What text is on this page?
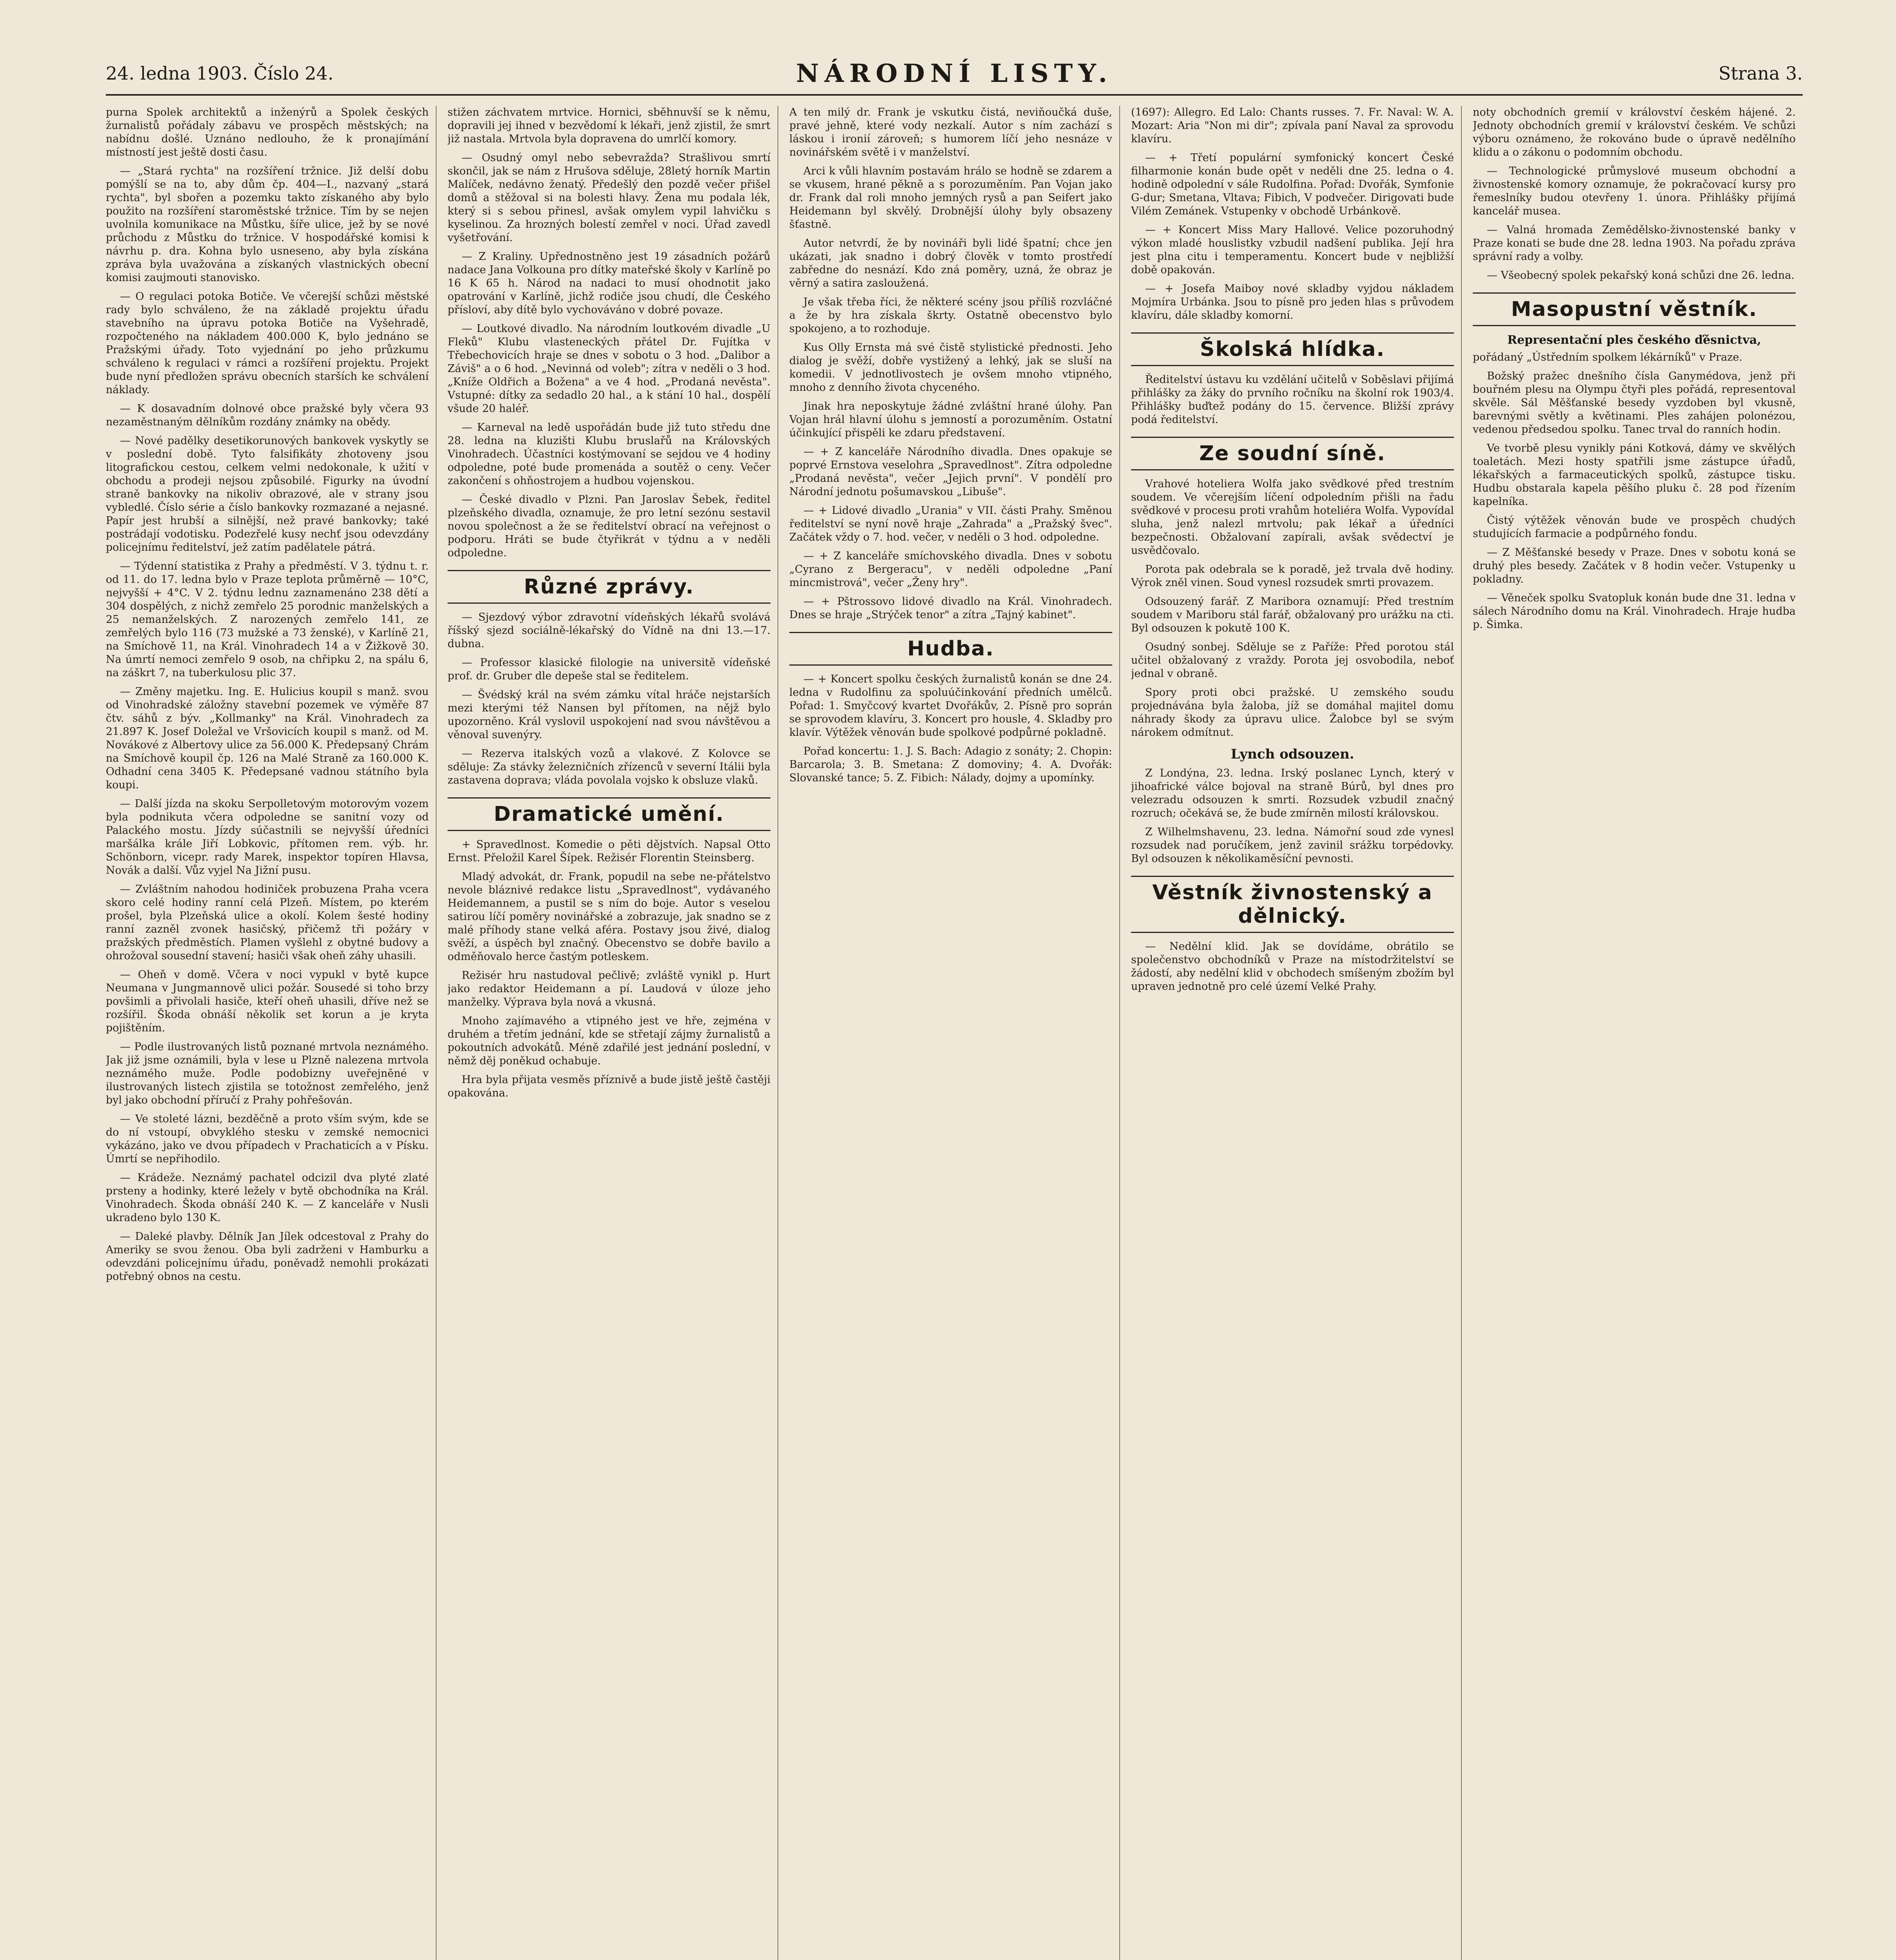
24. ledna 1903. Číslo 24.	NÁRODNÍ LISTY.	Strana 3.

purna Spolek architektů a inženýrů a Spolek českých žurnalistů pořádaly zábavu ve prospěch městských; na nabídnu došlé. Uznáno nedlouho, že k pronajímání místností jest ještě dosti času.

— „Stará rychta" na rozšíření tržnice. Již delší dobu pomýšlí se na to, aby dům čp. 404—I., nazvaný „stará rychta", byl sbořen a pozemku takto získaného aby bylo použito na rozšíření staroměstské tržnice. Tím by se nejen uvolnila komunikace na Můstku, šíře ulice, jež by se nové průchodu z Můstku do tržnice. V hospodářské komisi k návrhu p. dra. Kohna bylo usneseno, aby byla získána zpráva byla uvažována a získaných vlastnických obecní komisi zaujmouti stanovisko.

— O regulaci potoka Botiče. Ve včerejší schůzi městské rady bylo schváleno, že na základě projektu úřadu stavebního na úpravu potoka Botiče na Vyšehradě, rozpočteného na nákladem 400.000 K, bylo jednáno se Pražskými úřady. Toto vyjednání po jeho průzkumu schváleno k regulaci v rámci a rozšíření projektu. Projekt bude nyní předložen správu obecních starších ke schválení náklady.

— K dosavadním dolnové obce pražské byly včera 93 nezaměstnaným dělníkům rozdány známky na obědy.

— Nové padělky desetikorunových bankovek vyskytly se v poslední době. Tyto falsifikáty zhotoveny jsou litografickou cestou, celkem velmi nedokonale, k užití v obchodu a prodeji nejsou způsobilé. Figurky na úvodní straně bankovky na nikoliv obrazové, ale v strany jsou vybledlé. Číslo série a číslo bankovky rozmazané a nejasné. Papír jest hrubší a silnější, než pravé bankovky; také postrádají vodotisku. Podezřelé kusy nechť jsou odevzdány policejnímu ředitelství, jež zatím padělatele pátrá.

— Týdenní statistika z Prahy a předměstí. V 3. týdnu t. r. od 11. do 17. ledna bylo v Praze teplota průměrně — 10°C, nejvyšší + 4°C. V 2. týdnu lednu zaznamenáno 238 dětí a 304 dospělých, z nichž zemřelo 25 porodnic manželských a 25 nemanželských. Z narozených zemřelo 141, ze zemřelých bylo 116 (73 mužské a 73 ženské), v Karlíně 21, na Smíchově 11, na Král. Vinohradech 14 a v Žižkově 30. Na úmrtí nemoci zemřelo 9 osob, na chřipku 2, na spálu 6, na záškrt 7, na tuberkulosu plic 37.

— Změny majetku. Ing. E. Hulicius koupil s manž. svou od Vinohradské záložny stavební pozemek ve výměře 87 čtv. sáhů z býv. „Kollmanky" na Král. Vinohradech za 21.897 K. Josef Doležal ve Vršovicích koupil s manž. od M. Novákové z Albertovy ulice za 56.000 K. Předepsaný Chrám na Smíchově koupil čp. 126 na Malé Straně za 160.000 K. Odhadní cena 3405 K. Předepsané vadnou státního byla koupi.

— Další jízda na skoku Serpolletovým motorovým vozem byla podnikuta včera odpoledne se sanitní vozy od Palackého mostu. Jízdy súčastnili se nejvyšší úředníci maršálka krále Jiří Lobkovic, přítomen rem. výb. hr. Schönborn, vicepr. rady Marek, inspektor topíren Hlavsa, Novák a další. Vůz vyjel Na Jižní pusu.

— Zvláštním nahodou hodiniček probuzena Praha vcera skoro celé hodiny ranní celá Plzeň. Místem, po kterém prošel, byla Plzeňská ulice a okolí. Kolem šesté hodiny ranní zazněl zvonek hasičský, přičemž tři požáry v pražských předměstích. Plamen vyšlehl z obytné budovy a ohrožoval sousední stavení; hasiči však oheň záhy uhasili.

— Oheň v domě. Včera v noci vypukl v bytě kupce Neumana v Jungmannově ulici požár. Sousedé si toho brzy povšimli a přivolali hasiče, kteří oheň uhasili, dříve než se rozšířil. Škoda obnáší několik set korun a je kryta pojištěním.

— Podle ilustrovaných listů poznané mrtvola neznámého. Jak již jsme oznámili, byla v lese u Plzně nalezena mrtvola neznámého muže. Podle podobizny uveřejněné v ilustrovaných listech zjistila se totožnost zemřelého, jenž byl jako obchodní příručí z Prahy pohřešován.

— Ve stoleté lázni, bezděčně a proto vším svým, kde se do ní vstoupí, obvyklého stesku v zemské nemocnici vykázáno, jako ve dvou případech v Prachaticích a v Písku. Úmrtí se nepřihodilo.

— Krádeže. Neznámý pachatel odcizil dva plyté zlaté prsteny a hodinky, které ležely v bytě obchodníka na Král. Vinohradech. Škoda obnáší 240 K. — Z kanceláře v Nusli ukradeno bylo 130 K.

— Daleké plavby. Dělník Jan Jílek odcestoval z Prahy do Ameriky se svou ženou. Oba byli zadrženi v Hamburku a odevzdáni policejnímu úřadu, poněvadž nemohli prokázati potřebný obnos na cestu.

stižen záchvatem mrtvice. Hornici, sběhnuvší se k němu, dopravili jej ihned v bezvědomí k lékaři, jenž zjistil, že smrt již nastala. Mrtvola byla dopravena do umrlčí komory.

— Osudný omyl nebo sebevražda? Strašlivou smrtí skončil, jak se nám z Hrušova sděluje, 28letý horník Martin Malíček, nedávno ženatý. Předešlý den pozdě večer přišel domů a stěžoval si na bolesti hlavy. Žena mu podala lék, který si s sebou přinesl, avšak omylem vypil lahvičku s kyselinou. Za hrozných bolestí zemřel v noci. Úřad zavedl vyšetřování.

— Z Kraliny. Upřednostněno jest 19 zásadních požárů nadace Jana Volkouna pro dítky mateřské školy v Karlíně po 16 K 65 h. Národ na nadaci to musí ohodnotit jako opatrování v Karlíně, jichž rodiče jsou chudí, dle Českého přísloví, aby dítě bylo vychováváno v dobré povaze.

— Loutkové divadlo. Na národním loutkovém divadle „U Fleků" Klubu vlasteneckých přátel Dr. Fujítka v Třebechovicích hraje se dnes v sobotu o 3 hod. „Dalibor a Záviš" a o 6 hod. „Nevinná od voleb"; zítra v neděli o 3 hod. „Kníže Oldřich a Božena" a ve 4 hod. „Prodaná nevěsta". Vstupné: dítky za sedadlo 20 hal., a k stání 10 hal., dospělí všude 20 haléř.

— Karneval na ledě uspořádán bude již tuto středu dne 28. ledna na kluzišti Klubu bruslařů na Královských Vinohradech. Účastníci kostýmovaní se sejdou ve 4 hodiny odpoledne, poté bude promenáda a soutěž o ceny. Večer zakončení s ohňostrojem a hudbou vojenskou.

— České divadlo v Plzni. Pan Jaroslav Šebek, ředitel plzeňského divadla, oznamuje, že pro letní sezónu sestavil novou společnost a že se ředitelství obrací na veřejnost o podporu. Hráti se bude čtyřikrát v týdnu a v neděli odpoledne.

Různé zprávy.

— Sjezdový výbor zdravotní vídeňských lékařů svolává říšský sjezd sociálně-lékařský do Vídně na dni 13.—17. dubna.

— Professor klasické filologie na universitě vídeňské prof. dr. Gruber dle depeše stal se ředitelem.

— Švédský král na svém zámku vítal hráče nejstarších mezi kterými též Nansen byl přítomen, na nějž bylo upozorněno. Král vyslovil uspokojení nad svou návštěvou a věnoval suvenýry.

— Rezerva italských vozů a vlakové. Z Kolovce se sděluje: Za stávky železničních zřízenců v severní Itálii byla zastavena doprava; vláda povolala vojsko k obsluze vlaků.

Dramatické umění.

+ Spravedlnost. Komedie o pěti dějstvích. Napsal Otto Ernst. Přeložil Karel Šípek. Režisér Florentin Steinsberg.

Mladý advokát, dr. Frank, popudil na sebe ne-přátelstvo nevole bláznivé redakce listu „Spravedlnost", vydávaného Heidemannem, a pustil se s ním do boje. Autor s veselou satirou líčí poměry novinářské a zobrazuje, jak snadno se z malé příhody stane velká aféra. Postavy jsou živé, dialog svěží, a úspěch byl značný. Obecenstvo se dobře bavilo a odměňovalo herce častým potleskem.

Režisér hru nastudoval pečlivě; zvláště vynikl p. Hurt jako redaktor Heidemann a pí. Laudová v úloze jeho manželky. Výprava byla nová a vkusná.

Mnoho zajímavého a vtipného jest ve hře, zejména v druhém a třetím jednání, kde se střetají zájmy žurnalistů a pokoutních advokátů. Méně zdařilé jest jednání poslední, v němž děj poněkud ochabuje.

Hra byla přijata vesměs příznivě a bude jistě ještě častěji opakována.

A ten milý dr. Frank je vskutku čistá, neviňoučká duše, pravé jehně, které vody nezkalí. Autor s ním zachází s láskou i ironií zároveň; s humorem líčí jeho nesnáze v novinářském světě i v manželství.

Arci k vůli hlavním postavám hrálo se hodně se zdarem a se vkusem, hrané pěkně a s porozuměním. Pan Vojan jako dr. Frank dal roli mnoho jemných rysů a pan Seifert jako Heidemann byl skvělý. Drobnější úlohy byly obsazeny šťastně.

Autor netvrdí, že by novináři byli lidé špatní; chce jen ukázati, jak snadno i dobrý člověk v tomto prostředí zabředne do nesnází. Kdo zná poměry, uzná, že obraz je věrný a satira zasloužená.

Je však třeba říci, že některé scény jsou příliš rozvláčné a že by hra získala škrty. Ostatně obecenstvo bylo spokojeno, a to rozhoduje.

Kus Olly Ernsta má své čistě stylistické přednosti. Jeho dialog je svěží, dobře vystižený a lehký, jak se sluší na komedii. V jednotlivostech je ovšem mnoho vtipného, mnoho z denního života chyceného.

Jinak hra neposkytuje žádné zvláštní hrané úlohy. Pan Vojan hrál hlavní úlohu s jemností a porozuměním. Ostatní účinkující přispěli ke zdaru představení.

— + Z kanceláře Národního divadla. Dnes opakuje se poprvé Ernstova veselohra „Spravedlnost". Zítra odpoledne „Prodaná nevěsta", večer „Jejich první". V pondělí pro Národní jednotu pošumavskou „Libuše".

— + Lidové divadlo „Urania" v VII. části Prahy. Směnou ředitelství se nyní nově hraje „Zahrada" a „Pražský švec". Začátek vždy o 7. hod. večer, v neděli o 3 hod. odpoledne.

— + Z kanceláře smíchovského divadla. Dnes v sobotu „Cyrano z Bergeracu", v neděli odpoledne „Paní mincmistrová", večer „Ženy hry".

— + Pštrossovo lidové divadlo na Král. Vinohradech. Dnes se hraje „Strýček tenor" a zítra „Tajný kabinet".

Hudba.

— + Koncert spolku českých žurnalistů konán se dne 24. ledna v Rudolfinu za spoluúčinkování předních umělců. Pořad: 1. Smyčcový kvartet Dvořákův, 2. Písně pro soprán se sprovodem klavíru, 3. Koncert pro housle, 4. Skladby pro klavír. Výtěžek věnován bude spolkové podpůrné pokladně.

Pořad koncertu: 1. J. S. Bach: Adagio z sonáty; 2. Chopin: Barcarola; 3. B. Smetana: Z domoviny; 4. A. Dvořák: Slovanské tance; 5. Z. Fibich: Nálady, dojmy a upomínky.

(1697): Allegro. Ed Lalo: Chants russes. 7. Fr. Naval: W. A. Mozart: Aria "Non mi dir"; zpívala paní Naval za sprovodu klavíru.

— + Třetí populární symfonický koncert České filharmonie konán bude opět v neděli dne 25. ledna o 4. hodině odpolední v sále Rudolfina. Pořad: Dvořák, Symfonie G-dur; Smetana, Vltava; Fibich, V podvečer. Dirigovati bude Vilém Zemánek. Vstupenky v obchodě Urbánkově.

— + Koncert Miss Mary Hallové. Velice pozoruhodný výkon mladé houslistky vzbudil nadšení publika. Její hra jest plna citu i temperamentu. Koncert bude v nejbližší době opakován.

— + Josefa Maiboy nové skladby vyjdou nákladem Mojmíra Urbánka. Jsou to písně pro jeden hlas s průvodem klavíru, dále skladby komorní.

Školská hlídka.

Ředitelství ústavu ku vzdělání učitelů v Soběslavi přijímá přihlášky za žáky do prvního ročníku na školní rok 1903/4. Přihlášky buďtež podány do 15. července. Bližší zprávy podá ředitelství.

Ze soudní síně.

Vrahové hoteliera Wolfa jako svědkové před trestním soudem. Ve včerejším líčení odpoledním přišli na řadu svědkové v procesu proti vrahům hoteliéra Wolfa. Vypovídal sluha, jenž nalezl mrtvolu; pak lékař a úředníci bezpečnosti. Obžalovaní zapírali, avšak svědectví je usvědčovalo.

Porota pak odebrala se k poradě, jež trvala dvě hodiny. Výrok zněl vinen. Soud vynesl rozsudek smrti provazem.

Odsouzený farář. Z Maribora oznamují: Před trestním soudem v Mariboru stál farář, obžalovaný pro urážku na cti. Byl odsouzen k pokutě 100 K.

Osudný sonbej. Sděluje se z Paříže: Před porotou stál učitel obžalovaný z vraždy. Porota jej osvobodila, neboť jednal v obraně.

Spory proti obci pražské. U zemského soudu projednávána byla žaloba, jíž se domáhal majitel domu náhrady škody za úpravu ulice. Žalobce byl se svým nárokem odmítnut.

Lynch odsouzen.

Z Londýna, 23. ledna. Irský poslanec Lynch, který v jihoafrické válce bojoval na straně Búrů, byl dnes pro velezradu odsouzen k smrti. Rozsudek vzbudil značný rozruch; očekává se, že bude zmírněn milostí královskou.

Z Wilhelmshavenu, 23. ledna. Námořní soud zde vynesl rozsudek nad poručíkem, jenž zavinil srážku torpédovky. Byl odsouzen k několikaměsíční pevnosti.

Věstník živnostenský a dělnický.

— Nedělní klid. Jak se dovídáme, obrátilo se společenstvo obchodníků v Praze na místodržitelství se žádostí, aby nedělní klid v obchodech smíšeným zbožím byl upraven jednotně pro celé území Velké Prahy.

noty obchodních gremií v království českém hájené. 2. Jednoty obchodních gremií v království českém. Ve schůzi výboru oznámeno, že rokováno bude o úpravě nedělního klidu a o zákonu o podomním obchodu.

— Technologické průmyslové museum obchodní a živnostenské komory oznamuje, že pokračovací kursy pro řemeslníky budou otevřeny 1. února. Přihlášky přijímá kancelář musea.

— Valná hromada Zemědělsko-živnostenské banky v Praze konati se bude dne 28. ledna 1903. Na pořadu zpráva správní rady a volby.

— Všeobecný spolek pekařský koná schůzi dne 26. ledna.

Masopustní věstník.
Representační ples českého ďěsnictva,

pořádaný „Ústředním spolkem lékárníků" v Praze.

Božský pražec dnešního čísla Ganymédova, jenž při bouřném plesu na Olympu čtyři ples pořádá, representoval skvěle. Sál Měšťanské besedy vyzdoben byl vkusně, barevnými světly a květinami. Ples zahájen polonézou, vedenou předsedou spolku. Tanec trval do ranních hodin.

Ve tvorbě plesu vynikly páni Kotková, dámy ve skvělých toaletách. Mezi hosty spatřili jsme zástupce úřadů, lékařských a farmaceutických spolků, zástupce tisku. Hudbu obstarala kapela pěšího pluku č. 28 pod řízením kapelníka.

Čistý výtěžek věnován bude ve prospěch chudých studujících farmacie a podpůrného fondu.

— Z Měšťanské besedy v Praze. Dnes v sobotu koná se druhý ples besedy. Začátek v 8 hodin večer. Vstupenky u pokladny.

— Věneček spolku Svatopluk konán bude dne 31. ledna v sálech Národního domu na Král. Vinohradech. Hraje hudba p. Šimka.
